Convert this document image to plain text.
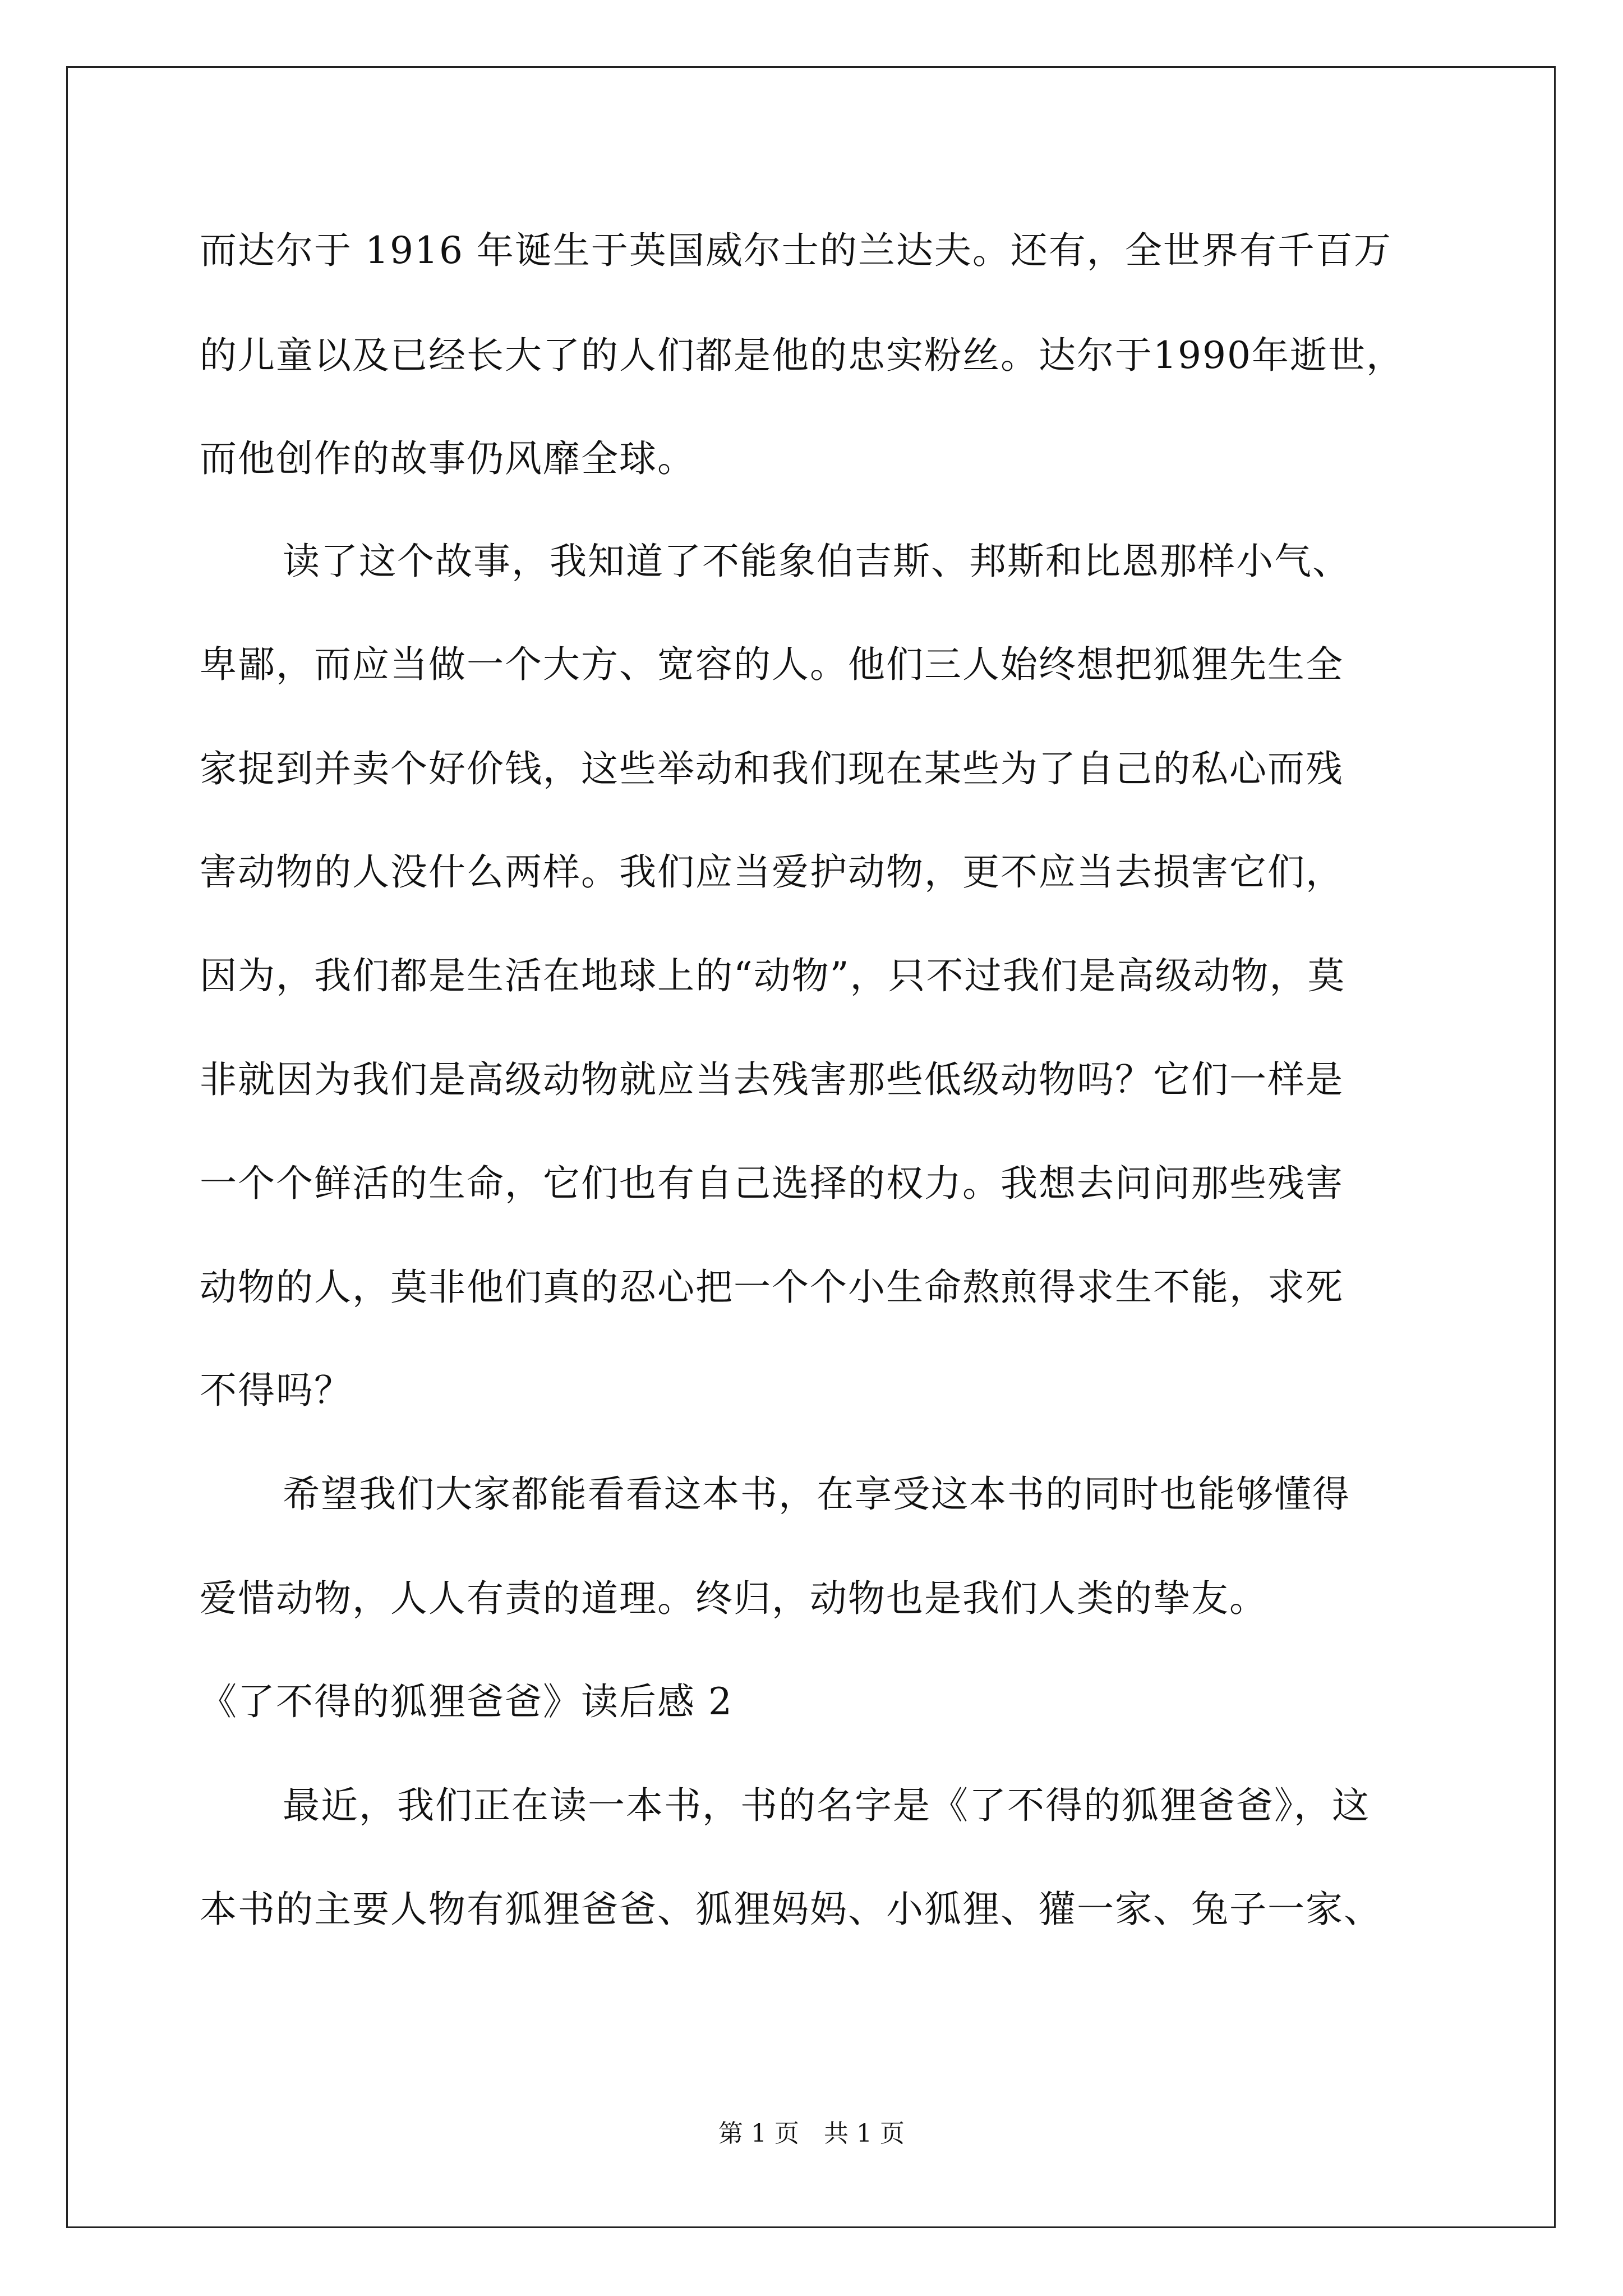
而达尔于 1916 年诞生于英国威尔士的兰达夫。还有，全世界有千百万
的儿童以及已经长大了的人们都是他的忠实粉丝。达尔于1990年逝世，
而他创作的故事仍风靡全球。
读了这个故事，我知道了不能象伯吉斯、邦斯和比恩那样小气、
卑鄙，而应当做一个大方、宽容的人。他们三人始终想把狐狸先生全
家捉到并卖个好价钱，这些举动和我们现在某些为了自己的私心而残
害动物的人没什么两样。我们应当爱护动物，更不应当去损害它们，
因为，我们都是生活在地球上的“动物”，只不过我们是高级动物，莫
非就因为我们是高级动物就应当去残害那些低级动物吗？它们一样是
一个个鲜活的生命，它们也有自己选择的权力。我想去问问那些残害
动物的人，莫非他们真的忍心把一个个小生命熬煎得求生不能，求死
不得吗？
希望我们大家都能看看这本书，在享受这本书的同时也能够懂得
爱惜动物，人人有责的道理。终归，动物也是我们人类的挚友。
《了不得的狐狸爸爸》读后感 2
最近，我们正在读一本书，书的名字是《了不得的狐狸爸爸》，这
本书的主要人物有狐狸爸爸、狐狸妈妈、小狐狸、獾一家、兔子一家、
第 1 页　共 1 页
